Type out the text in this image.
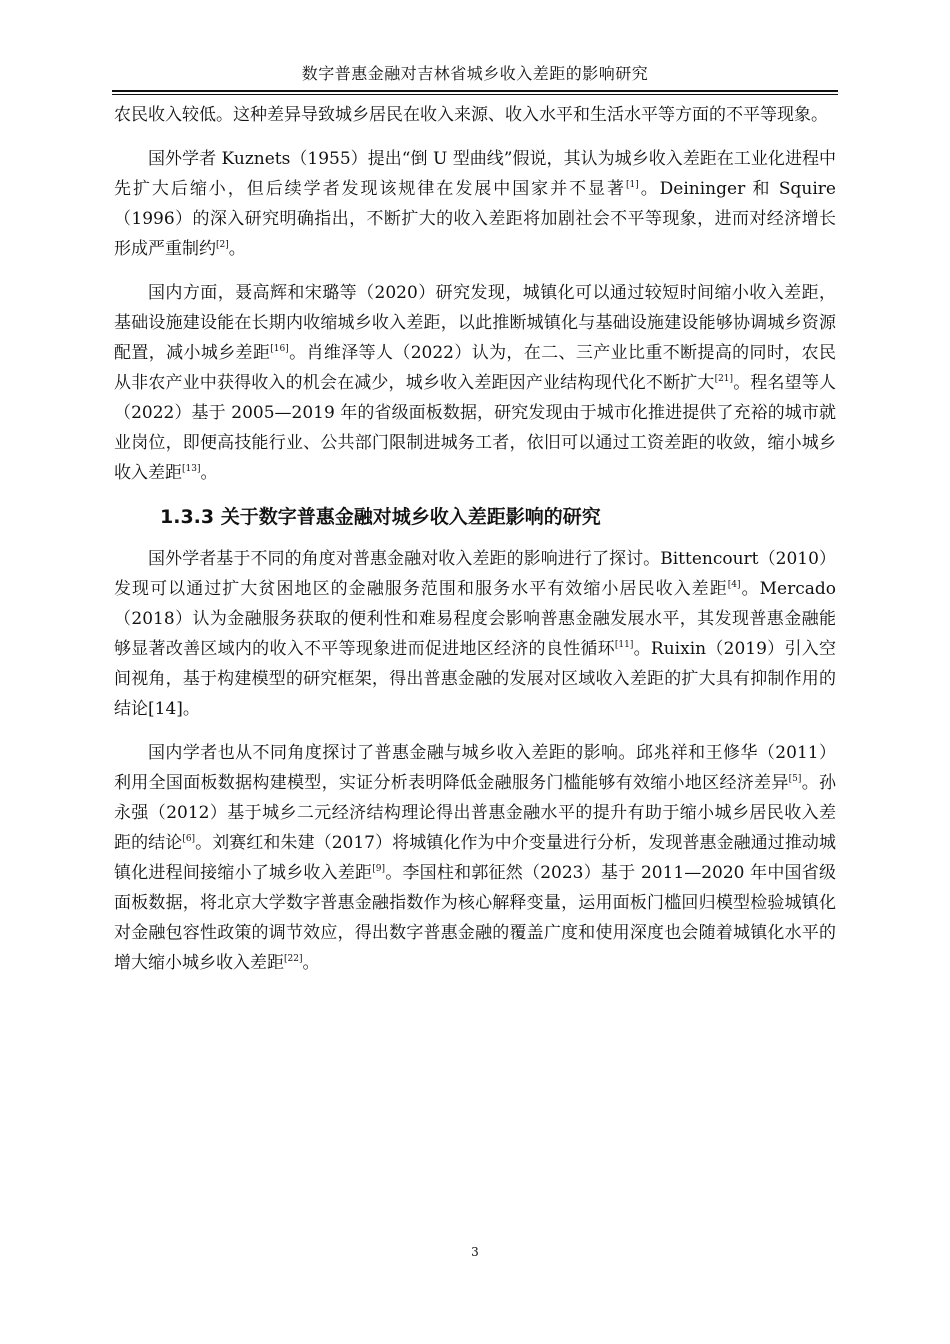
数字普惠金融对吉林省城乡收入差距的影响研究

农民收入较低。这种差异导致城乡居民在收入来源、收入水平和生活水平等方面的不平等现象。

国外学者 Kuznets（1955）提出“倒 U 型曲线”假说，其认为城乡收入差距在工业化进程中先扩大后缩小，但后续学者发现该规律在发展中国家并不显著[1]。Deininger 和 Squire（1996）的深入研究明确指出，不断扩大的收入差距将加剧社会不平等现象，进而对经济增长形成严重制约[2]。

国内方面，聂高辉和宋璐等（2020）研究发现，城镇化可以通过较短时间缩小收入差距，基础设施建设能在长期内收缩城乡收入差距，以此推断城镇化与基础设施建设能够协调城乡资源配置，减小城乡差距[16]。肖维泽等人（2022）认为，在二、三产业比重不断提高的同时，农民从非农产业中获得收入的机会在减少，城乡收入差距因产业结构现代化不断扩大[21]。程名望等人（2022）基于 2005—2019 年的省级面板数据，研究发现由于城市化推进提供了充裕的城市就业岗位，即便高技能行业、公共部门限制进城务工者，依旧可以通过工资差距的收敛，缩小城乡收入差距[13]。

1.3.3 关于数字普惠金融对城乡收入差距影响的研究

国外学者基于不同的角度对普惠金融对收入差距的影响进行了探讨。Bittencourt（2010）发现可以通过扩大贫困地区的金融服务范围和服务水平有效缩小居民收入差距[4]。Mercado（2018）认为金融服务获取的便利性和难易程度会影响普惠金融发展水平，其发现普惠金融能够显著改善区域内的收入不平等现象进而促进地区经济的良性循环[11]。Ruixin（2019）引入空间视角，基于构建模型的研究框架，得出普惠金融的发展对区域收入差距的扩大具有抑制作用的结论[14]。

国内学者也从不同角度探讨了普惠金融与城乡收入差距的影响。邱兆祥和王修华（2011）利用全国面板数据构建模型，实证分析表明降低金融服务门槛能够有效缩小地区经济差异[5]。孙永强（2012）基于城乡二元经济结构理论得出普惠金融水平的提升有助于缩小城乡居民收入差距的结论[6]。刘赛红和朱建（2017）将城镇化作为中介变量进行分析，发现普惠金融通过推动城镇化进程间接缩小了城乡收入差距[9]。李国柱和郭征然（2023）基于 2011—2020 年中国省级面板数据，将北京大学数字普惠金融指数作为核心解释变量，运用面板门槛回归模型检验城镇化对金融包容性政策的调节效应，得出数字普惠金融的覆盖广度和使用深度也会随着城镇化水平的增大缩小城乡收入差距[22]。

3
